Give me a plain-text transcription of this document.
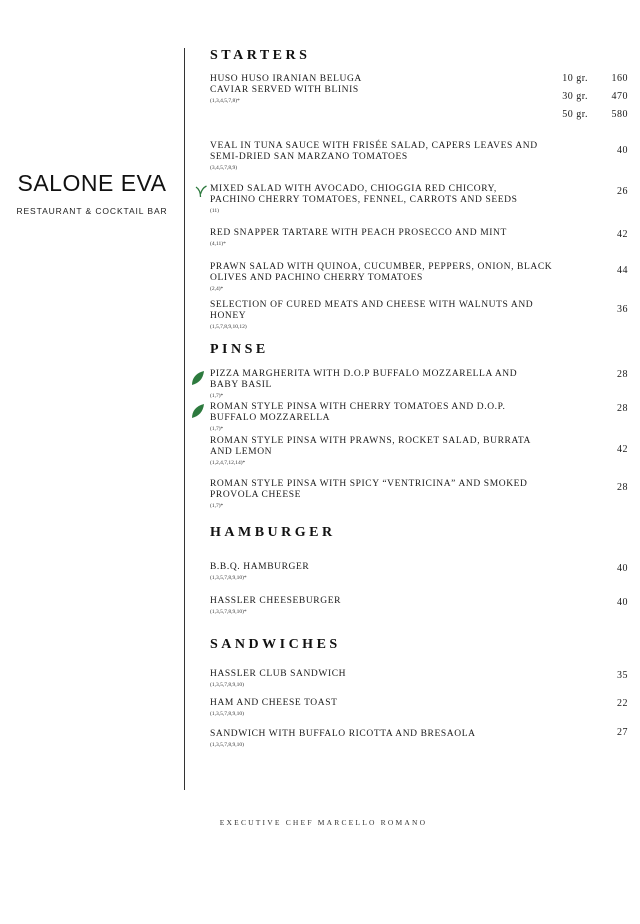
SALONE EVA
RESTAURANT & COCKTAIL BAR
STARTERS
HUSO HUSO IRANIAN BELUGA
CAVIAR SERVED WITH BLINIS
(1,3,4,5,7,8)*
10 gr.	160
30 gr.	470
50 gr.	580
VEAL IN TUNA SAUCE WITH FRISÉE SALAD, CAPERS LEAVES AND
SEMI-DRIED SAN MARZANO TOMATOES
(3,4,5,7,8,9)
40
MIXED SALAD WITH AVOCADO, CHIOGGIA RED CHICORY,
PACHINO CHERRY TOMATOES, FENNEL, CARROTS AND SEEDS
(11)
26
RED SNAPPER TARTARE WITH PEACH PROSECCO AND MINT
(4,11)*
42
PRAWN SALAD WITH QUINOA, CUCUMBER, PEPPERS, ONION, BLACK
OLIVES AND PACHINO CHERRY TOMATOES
(2,4)*
44
SELECTION OF CURED MEATS AND CHEESE WITH WALNUTS AND
HONEY
(1,5,7,8,9,10,12)
36
PINSE
PIZZA MARGHERITA WITH D.O.P BUFFALO MOZZARELLA AND
BABY BASIL
(1,7)*
28
ROMAN STYLE PINSA WITH CHERRY TOMATOES AND D.O.P.
BUFFALO MOZZARELLA
(1,7)*
28
ROMAN STYLE PINSA WITH PRAWNS, ROCKET SALAD, BURRATA
AND LEMON
(1,2,4,7,12,14)*
42
ROMAN STYLE PINSA WITH SPICY “VENTRICINA” AND SMOKED
PROVOLA CHEESE
(1,7)*
28
HAMBURGER
B.B.Q. HAMBURGER
(1,3,5,7,8,9,10)*
40
HASSLER CHEESEBURGER
(1,3,5,7,8,9,10)*
40
SANDWICHES
HASSLER CLUB SANDWICH
(1,3,5,7,8,9,10)
35
HAM AND CHEESE TOAST
(1,3,5,7,8,9,10)
22
SANDWICH WITH BUFFALO RICOTTA AND BRESAOLA
(1,3,5,7,8,9,10)
27
EXECUTIVE CHEF MARCELLO ROMANO
